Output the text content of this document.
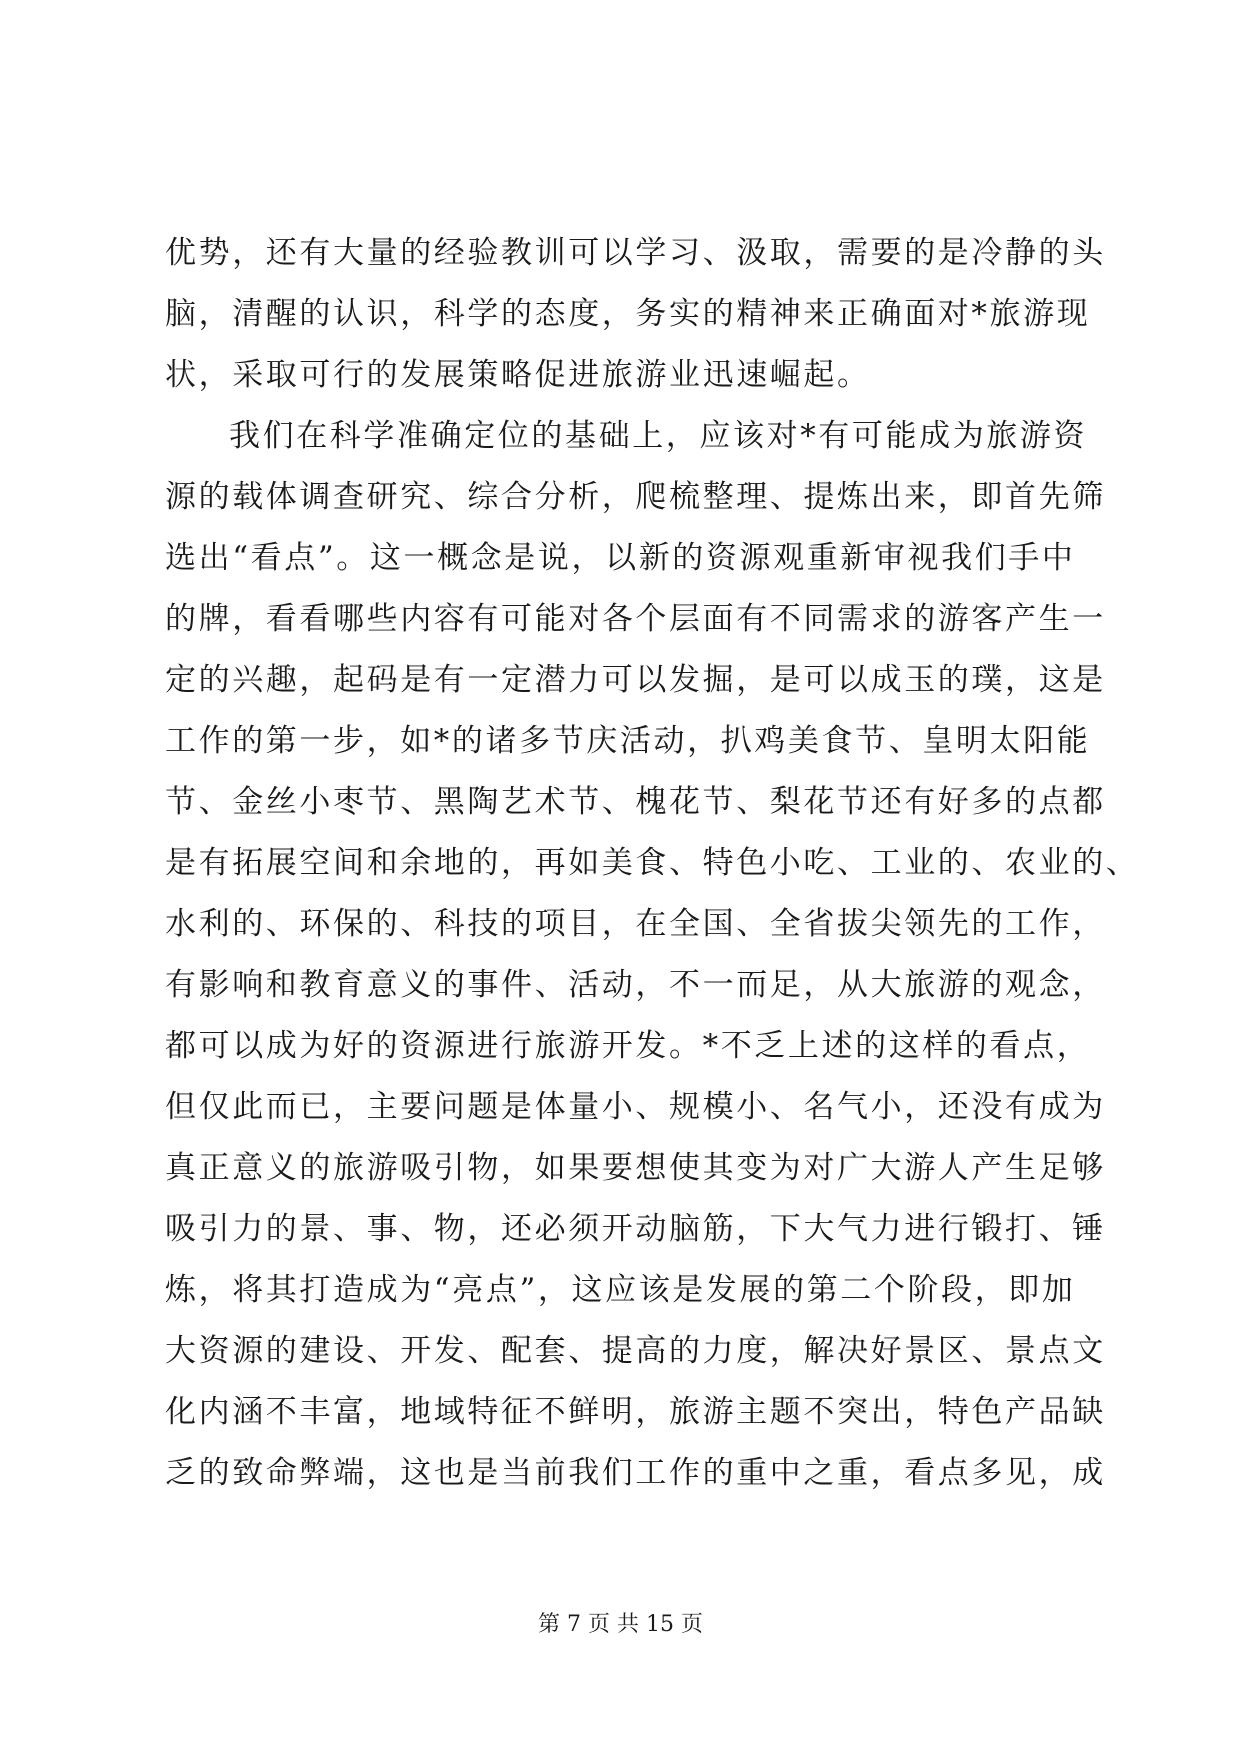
优势，还有大量的经验教训可以学习、汲取，需要的是冷静的头
脑，清醒的认识，科学的态度，务实的精神来正确面对*旅游现
状，采取可行的发展策略促进旅游业迅速崛起。
我们在科学准确定位的基础上，应该对*有可能成为旅游资
源的载体调查研究、综合分析，爬梳整理、提炼出来，即首先筛
选出“看点”。这一概念是说，以新的资源观重新审视我们手中
的牌，看看哪些内容有可能对各个层面有不同需求的游客产生一
定的兴趣，起码是有一定潜力可以发掘，是可以成玉的璞，这是
工作的第一步，如*的诸多节庆活动，扒鸡美食节、皇明太阳能
节、金丝小枣节、黑陶艺术节、槐花节、梨花节还有好多的点都
是有拓展空间和余地的，再如美食、特色小吃、工业的、农业的、
水利的、环保的、科技的项目，在全国、全省拔尖领先的工作，
有影响和教育意义的事件、活动，不一而足，从大旅游的观念，
都可以成为好的资源进行旅游开发。*不乏上述的这样的看点，
但仅此而已，主要问题是体量小、规模小、名气小，还没有成为
真正意义的旅游吸引物，如果要想使其变为对广大游人产生足够
吸引力的景、事、物，还必须开动脑筋，下大气力进行锻打、锤
炼，将其打造成为“亮点”，这应该是发展的第二个阶段，即加
大资源的建设、开发、配套、提高的力度，解决好景区、景点文
化内涵不丰富，地域特征不鲜明，旅游主题不突出，特色产品缺
乏的致命弊端，这也是当前我们工作的重中之重，看点多见，成
第 7 页 共 15 页
